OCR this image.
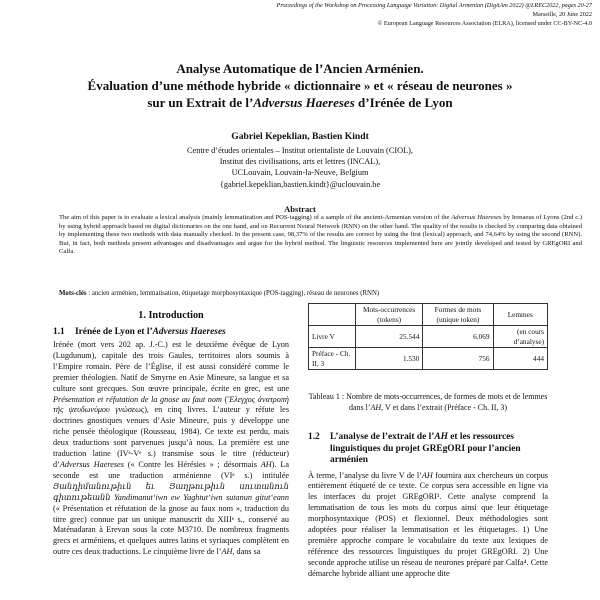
Proceedings of the Workshop on Processing Language Variation: Digital Armenian (DigitAm 2022) @LREC2022, pages 20-27
Marseille, 20 June 2022
© European Language Resources Association (ELRA), licensed under CC-BY-NC-4.0
Analyse Automatique de l’Ancien Arménien.
Évaluation d’une méthode hybride « dictionnaire » et « réseau de neurones »
sur un Extrait de l’Adversus Haereses d’Irénée de Lyon
Gabriel Kepeklian, Bastien Kindt
Centre d’études orientales – Institut orientaliste de Louvain (CIOL),
Institut des civilisations, arts et lettres (INCAL),
UCLouvain, Louvain-la-Neuve, Belgium
{gabriel.kepeklian,bastien.kindt}@uclouvain.be
Abstract
The aim of this paper is to evaluate a lexical analysis (mainly lemmatization and POS-tagging) of a sample of the ancient-Armenian version of the Adversus Haereses by Irenaeus of Lyons (2nd c.) by using hybrid approach based on digital dictionaries on the one hand, and on Recurrent Neural Network (RNN) on the other hand. The quality of the results is checked by comparing data obtained by implementing these two methods with data manually checked. In the present case, 98,37% of the results are correct by using the first (lexical) approach, and 74,64% by using the second (RNN). But, in fact, both methods present advantages and disadvantages and argue for the hybrid method. The linguistic resources implemented here are jointly developed and tested by GREgORI and Calfa.
Mots-clés : ancien arménien, lemmatisation, étiquetage morphosyntaxique (POS-tagging), réseau de neurones (RNN)
1. Introduction
1.1 Irénée de Lyon et l’Adversus Haereses

Irénée (mort vers 202 ap. J.-C.) est le deuxième évêque de Lyon (Lugdunum), capitale des trois Gaules, territoires alors soumis à l’Empire romain. Père de l’Église, il est aussi considéré comme le premier théologien. Natif de Smyrne en Asie Mineure, sa langue et sa culture sont grecques. Son œuvre principale, écrite en grec, est une Présentation et réfutation de la gnose au faut nom (Ἔλεγχος ἀνατροπὴ τῆς ψευδωνύμου γνώσεως), en cinq livres. L’auteur y réfute les doctrines gnostiques venues d’Asie Mineure, puis y développe une riche pensée théologique (Rousseau, 1984). Ce texte est perdu, mais deux traductions sont parvenues jusqu’à nous. La première est une traduction latine (IVᵉ-Vᵉ s.) transmise sous le titre (réducteur) d’Adversus Haereses (« Contre les Hérésies » ; désormais AH). La seconde est une traduction arménienne (VIᵉ s.) intitulée Յանդիմանութիւն եւ Յաղթութիւն սուտանուն գիտութեանն Yandimanut‘iwn ew Yaghtut‘iwn sutanun gitut‘eann (« Présentation et réfutation de la gnose au faux nom », traduction du titre grec) connue par un unique manuscrit du XIIIᵉ s., conservé au Maténadaran à Erevan sous la cote M3710. De nombreux fragments grecs et arméniens, et quelques autres latins et syriaques complètent en outre ces deux traductions. Le cinquième livre de l’AH, dans sa

	Mots-occurrences (tokens)	Formes de mots (unique token)	Lemmes
Livre V	25.544	6.069	(en cours d’analyse)
Préface - Ch. II, 3	1.530	756	444
Tableau 1 : Nombre de mots-occurrences, de formes de mots et de lemmes dans l’AH, V et dans l’extrait (Préface - Ch. II, 3)
1.2	L’analyse de l’extrait de l’AH et les ressources linguistiques du projet GREgORI pour l’ancien arménien

À terme, l’analyse du livre V de l’AH fournira aux chercheurs un corpus entièrement étiqueté de ce texte. Ce corpus sera accessible en ligne via les interfaces du projet GREgORI³. Cette analyse comprend la lemmatisation de tous les mots du corpus ainsi que leur étiquetage morphosyntaxique (POS) et flexionnel. Deux méthodologies sont adoptées pour réaliser la lemmatisation et les étiquetages. 1) Une première approche compare le vocabulaire du texte aux lexiques de référence des ressources linguistiques du projet GREgORI. 2) Une seconde approche utilise un réseau de neurones préparé par Calfa⁴. Cette démarche hybride alliant une approche dite
